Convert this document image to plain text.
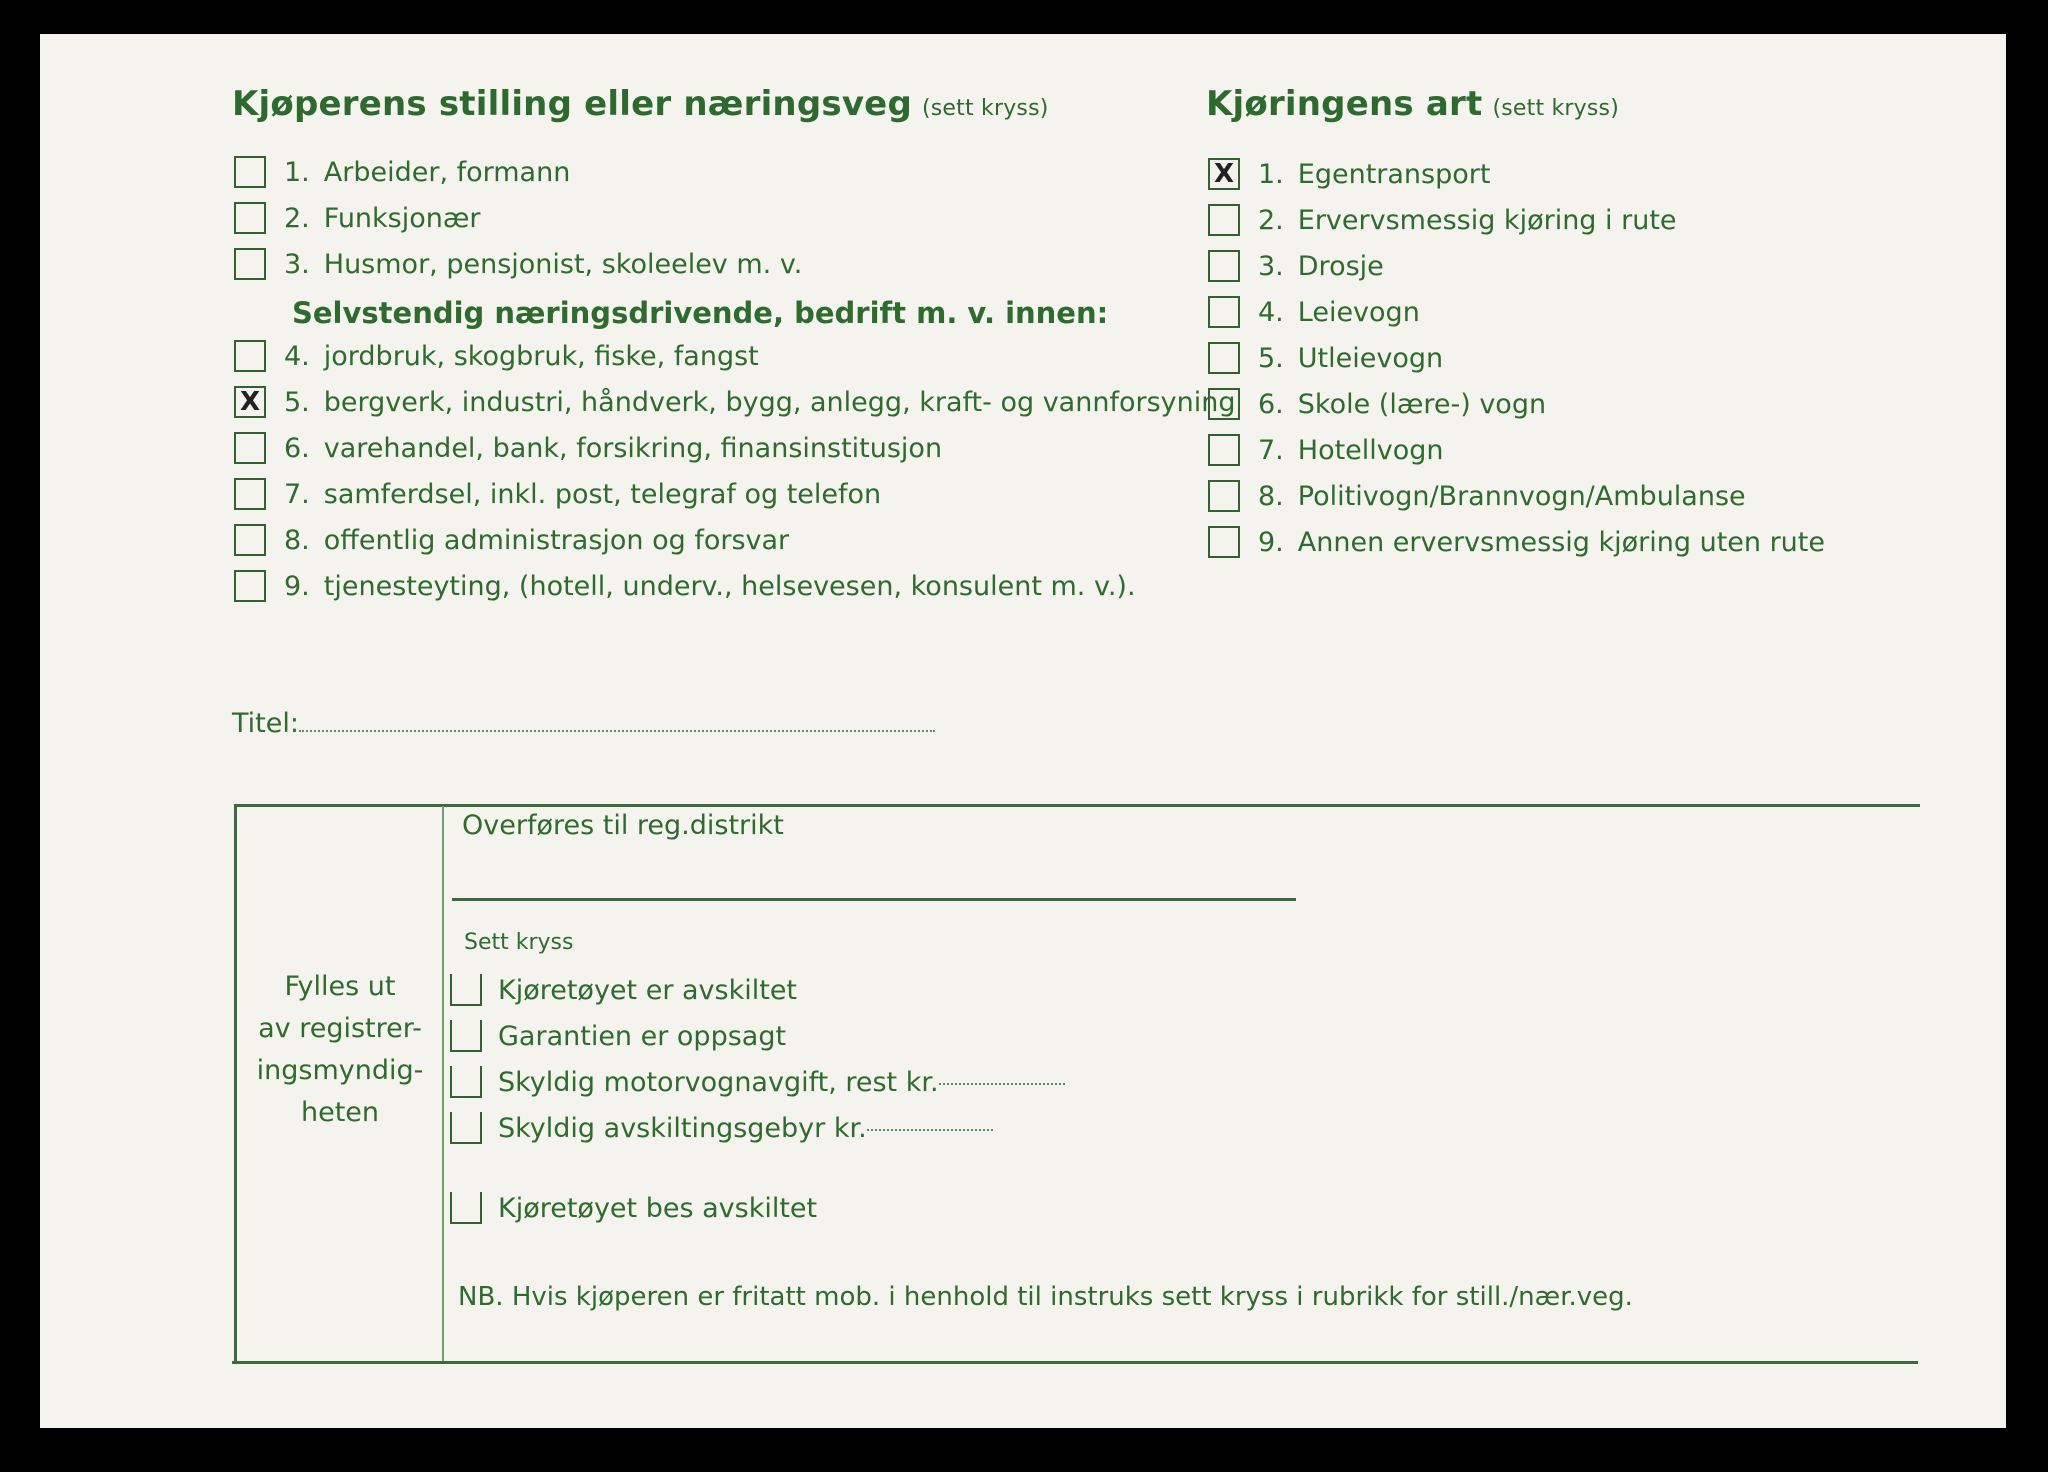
Kjøperens stilling eller næringsveg (sett kryss)	Kjøringens art (sett kryss)
1. Arbeider, formann
2. Funksjonær
3. Husmor, pensjonist, skoleelev m. v.
Selvstendig næringsdrivende, bedrift m. v. innen:
4. jordbruk, skogbruk, fiske, fangst
X 5. bergverk, industri, håndverk, bygg, anlegg, kraft- og vannforsyning
6. varehandel, bank, forsikring, finansinstitusjon
7. samferdsel, inkl. post, telegraf og telefon
8. offentlig administrasjon og forsvar
9. tjenesteyting, (hotell, underv., helsevesen, konsulent m. v.).
X 1. Egentransport
2. Ervervsmessig kjøring i rute
3. Drosje
4. Leievogn
5. Utleievogn
6. Skole (lære-) vogn
7. Hotellvogn
8. Politivogn/Brannvogn/Ambulanse
9. Annen ervervsmessig kjøring uten rute
Titel:
Fylles ut
av registrer-
ingsmyndig-
heten
Overføres til reg.distrikt
Sett kryss
Kjøretøyet er avskiltet
Garantien er oppsagt
Skyldig motorvognavgift, rest kr.
Skyldig avskiltingsgebyr kr.
Kjøretøyet bes avskiltet
NB. Hvis kjøperen er fritatt mob. i henhold til instruks sett kryss i rubrikk for still./nær.veg.
